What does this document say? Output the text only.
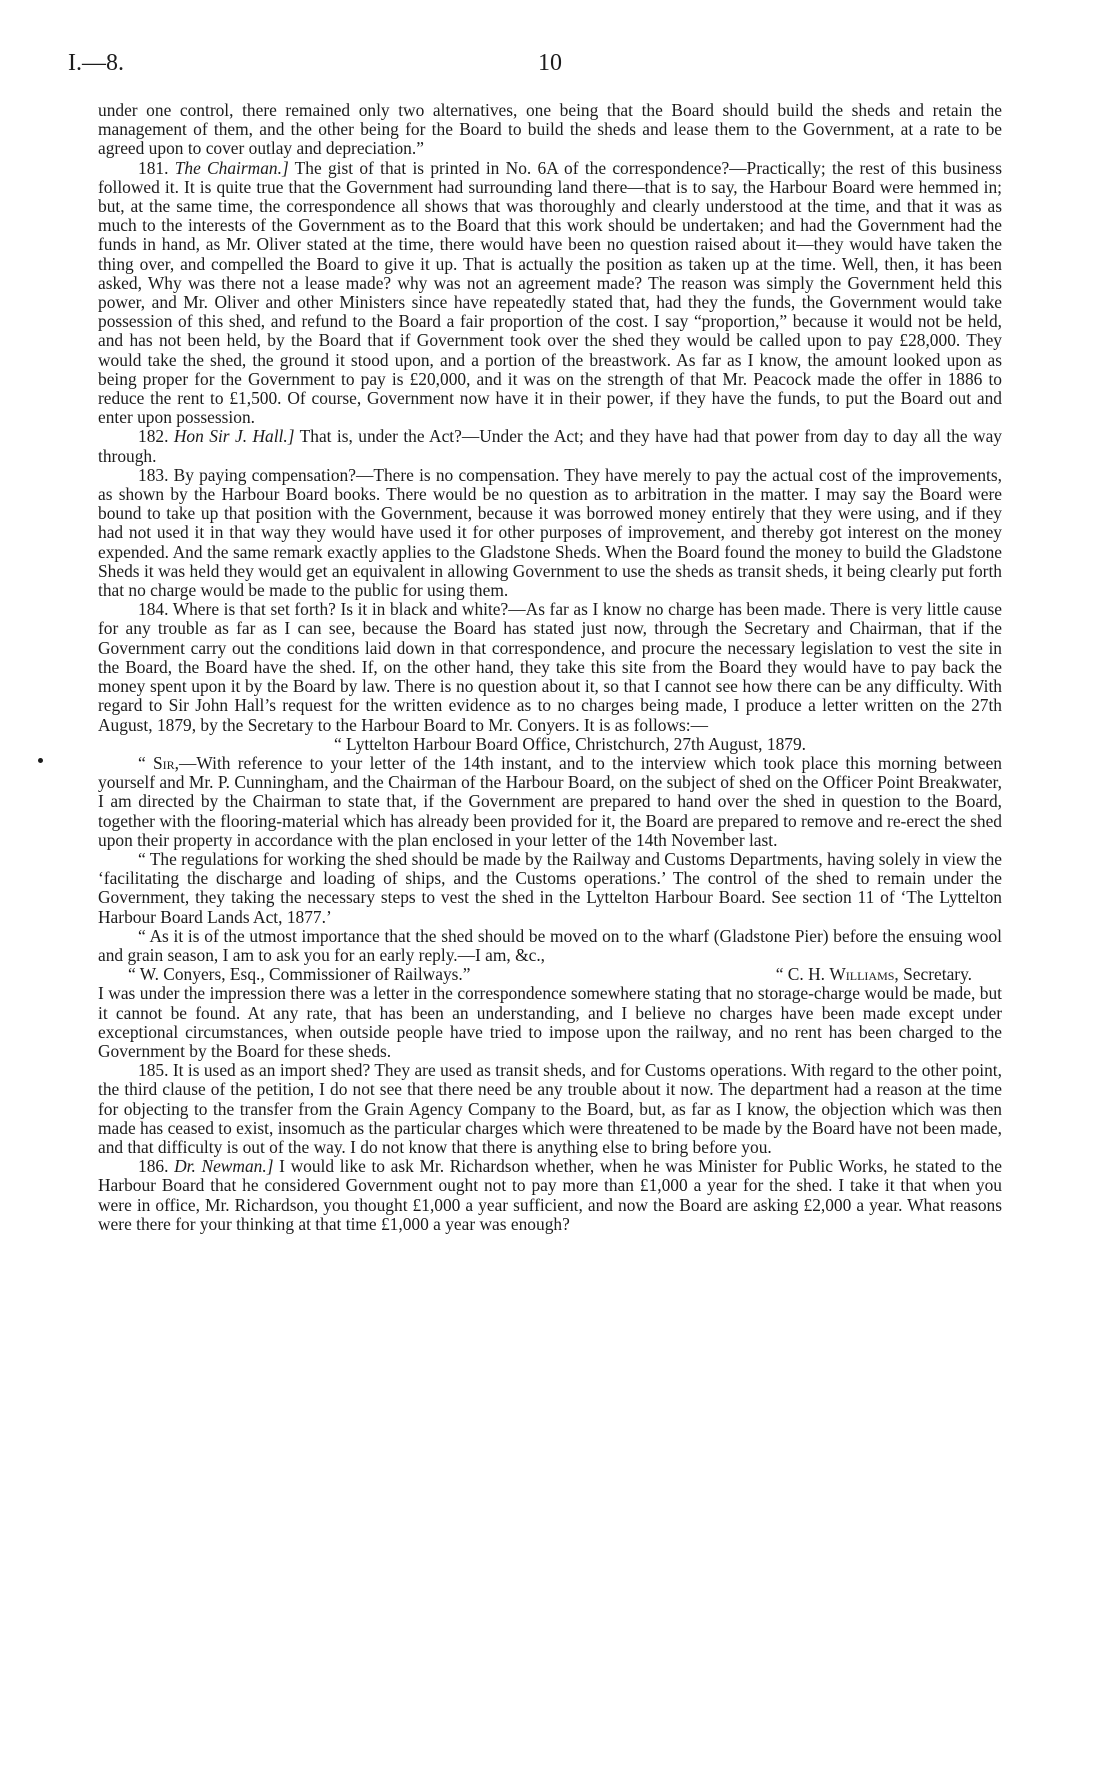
I.—8.	10

under one control, there remained only two alternatives, one being that the Board should build the sheds and retain the management of them, and the other being for the Board to build the sheds and lease them to the Government, at a rate to be agreed upon to cover outlay and depreciation.”

181. The Chairman.] The gist of that is printed in No. 6A of the correspondence?—Practically; the rest of this business followed it. It is quite true that the Government had surrounding land there—that is to say, the Harbour Board were hemmed in; but, at the same time, the correspondence all shows that was thoroughly and clearly understood at the time, and that it was as much to the interests of the Government as to the Board that this work should be undertaken; and had the Government had the funds in hand, as Mr. Oliver stated at the time, there would have been no question raised about it—they would have taken the thing over, and compelled the Board to give it up. That is actually the position as taken up at the time. Well, then, it has been asked, Why was there not a lease made? why was not an agreement made? The reason was simply the Government held this power, and Mr. Oliver and other Ministers since have repeatedly stated that, had they the funds, the Government would take possession of this shed, and refund to the Board a fair proportion of the cost. I say “proportion,” because it would not be held, and has not been held, by the Board that if Government took over the shed they would be called upon to pay £28,000. They would take the shed, the ground it stood upon, and a portion of the breastwork. As far as I know, the amount looked upon as being proper for the Government to pay is £20,000, and it was on the strength of that Mr. Peacock made the offer in 1886 to reduce the rent to £1,500. Of course, Government now have it in their power, if they have the funds, to put the Board out and enter upon possession.

182. Hon Sir J. Hall.] That is, under the Act?—Under the Act; and they have had that power from day to day all the way through.

183. By paying compensation?—There is no compensation. They have merely to pay the actual cost of the improvements, as shown by the Harbour Board books. There would be no question as to arbitration in the matter. I may say the Board were bound to take up that position with the Government, because it was borrowed money entirely that they were using, and if they had not used it in that way they would have used it for other purposes of improvement, and thereby got interest on the money expended. And the same remark exactly applies to the Gladstone Sheds. When the Board found the money to build the Gladstone Sheds it was held they would get an equivalent in allowing Government to use the sheds as transit sheds, it being clearly put forth that no charge would be made to the public for using them.

184. Where is that set forth? Is it in black and white?—As far as I know no charge has been made. There is very little cause for any trouble as far as I can see, because the Board has stated just now, through the Secretary and Chairman, that if the Government carry out the conditions laid down in that correspondence, and procure the necessary legislation to vest the site in the Board, the Board have the shed. If, on the other hand, they take this site from the Board they would have to pay back the money spent upon it by the Board by law. There is no question about it, so that I cannot see how there can be any difficulty. With regard to Sir John Hall’s request for the written evidence as to no charges being made, I produce a letter written on the 27th August, 1879, by the Secretary to the Harbour Board to Mr. Conyers. It is as follows:—

“ Lyttelton Harbour Board Office, Christchurch, 27th August, 1879.

“ Sir,—With reference to your letter of the 14th instant, and to the interview which took place this morning between yourself and Mr. P. Cunningham, and the Chairman of the Harbour Board, on the subject of shed on the Officer Point Breakwater, I am directed by the Chairman to state that, if the Government are prepared to hand over the shed in question to the Board, together with the flooring-material which has already been provided for it, the Board are prepared to remove and re-erect the shed upon their property in accordance with the plan enclosed in your letter of the 14th November last.

“ The regulations for working the shed should be made by the Railway and Customs Departments, having solely in view the ‘facilitating the discharge and loading of ships, and the Customs operations.’ The control of the shed to remain under the Government, they taking the necessary steps to vest the shed in the Lyttelton Harbour Board. See section 11 of ‘The Lyttelton Harbour Board Lands Act, 1877.’

“ As it is of the utmost importance that the shed should be moved on to the wharf (Gladstone Pier) before the ensuing wool and grain season, I am to ask you for an early reply.—I am, &c.,

“ W. Conyers, Esq., Commissioner of Railways.”	“ C. H. Williams, Secretary.

I was under the impression there was a letter in the correspondence somewhere stating that no storage-charge would be made, but it cannot be found. At any rate, that has been an understanding, and I believe no charges have been made except under exceptional circumstances, when outside people have tried to impose upon the railway, and no rent has been charged to the Government by the Board for these sheds.

185. It is used as an import shed? They are used as transit sheds, and for Customs operations. With regard to the other point, the third clause of the petition, I do not see that there need be any trouble about it now. The department had a reason at the time for objecting to the transfer from the Grain Agency Company to the Board, but, as far as I know, the objection which was then made has ceased to exist, insomuch as the particular charges which were threatened to be made by the Board have not been made, and that difficulty is out of the way. I do not know that there is anything else to bring before you.

186. Dr. Newman.] I would like to ask Mr. Richardson whether, when he was Minister for Public Works, he stated to the Harbour Board that he considered Government ought not to pay more than £1,000 a year for the shed. I take it that when you were in office, Mr. Richardson, you thought £1,000 a year sufficient, and now the Board are asking £2,000 a year. What reasons were there for your thinking at that time £1,000 a year was enough?
